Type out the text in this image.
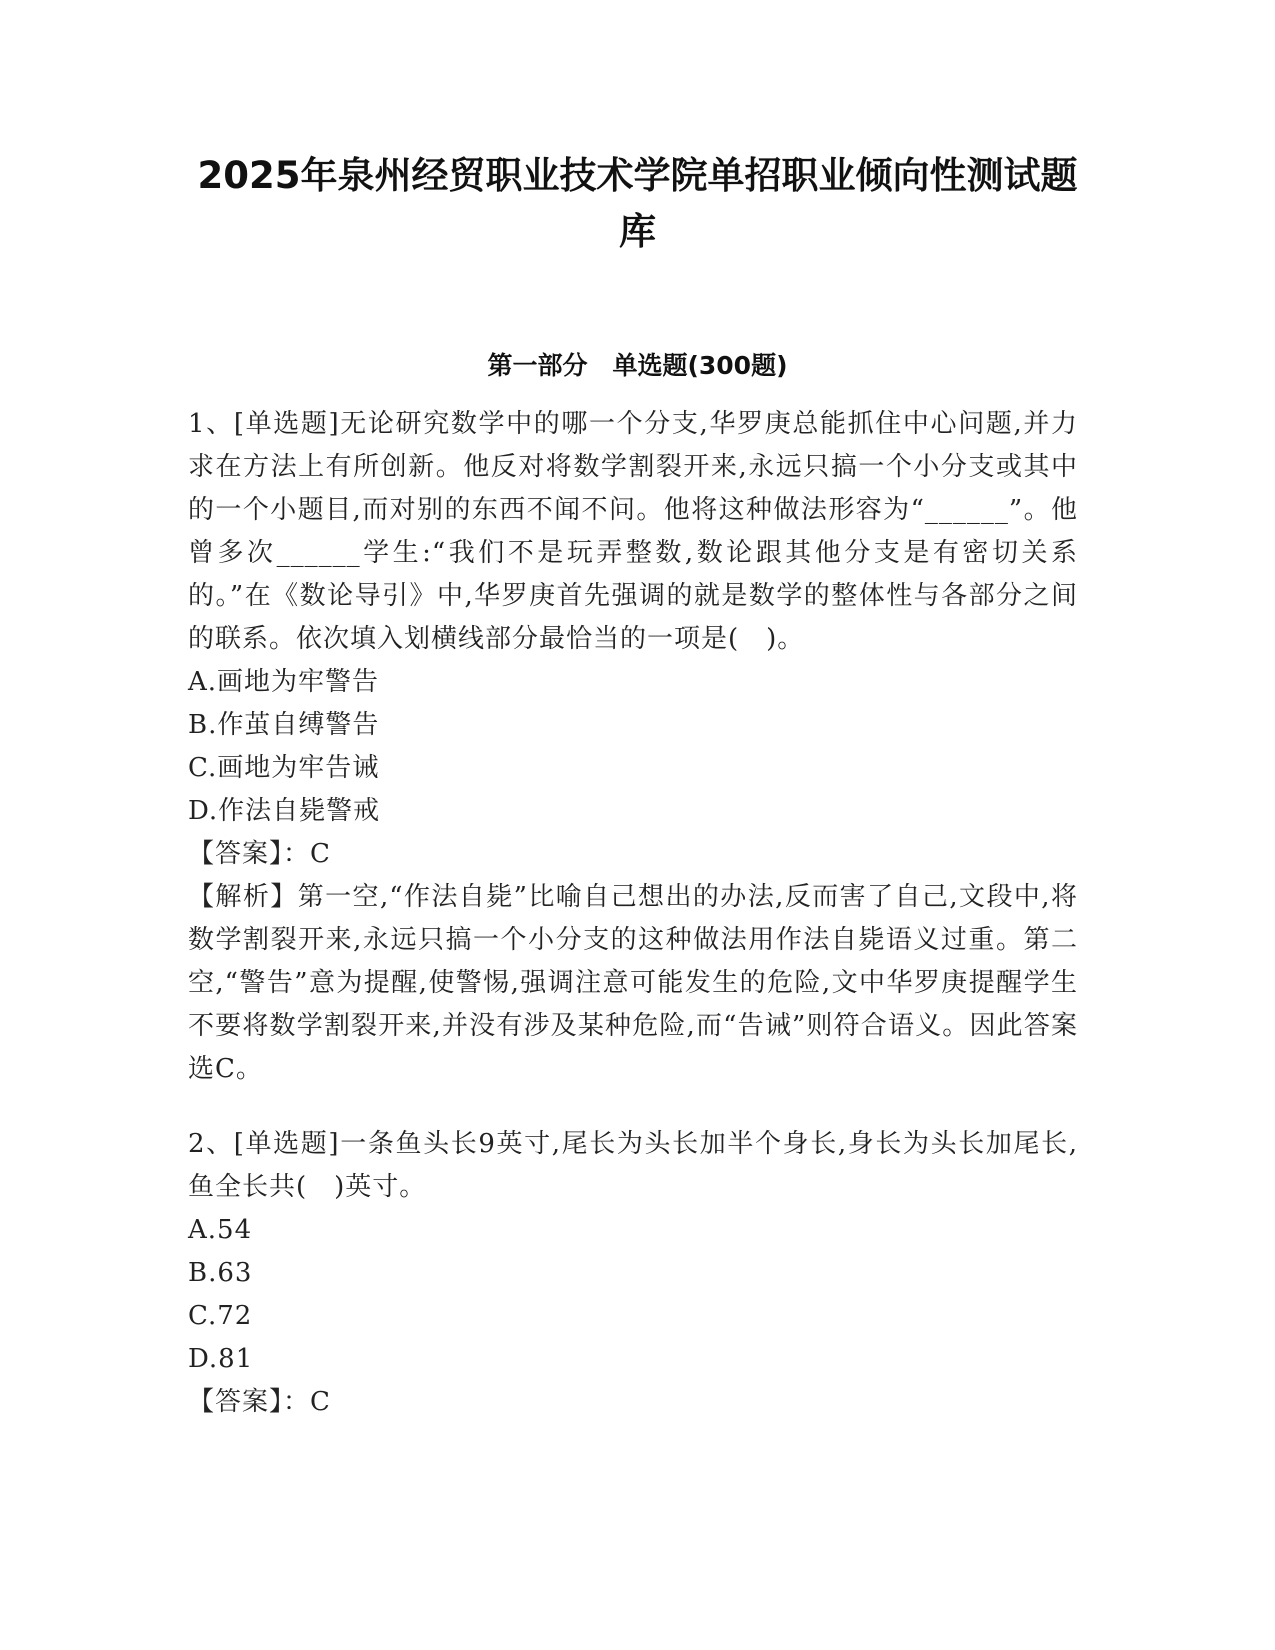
2025年泉州经贸职业技术学院单招职业倾向性测试题
库
第一部分　单选题(300题)

1、[单选题]无论研究数学中的哪一个分支,华罗庚总能抓住中心问题,并力求在方法上有所创新。他反对将数学割裂开来,永远只搞一个小分支或其中的一个小题目,而对别的东西不闻不问。他将这种做法形容为“______”。他曾多次______学生:“我们不是玩弄整数,数论跟其他分支是有密切关系的。”在《数论导引》中,华罗庚首先强调的就是数学的整体性与各部分之间的联系。依次填入划横线部分最恰当的一项是(　)。

A.画地为牢警告
B.作茧自缚警告
C.画地为牢告诫
D.作法自毙警戒

【答案】：C

【解析】第一空,“作法自毙”比喻自己想出的办法,反而害了自己,文段中,将数学割裂开来,永远只搞一个小分支的这种做法用作法自毙语义过重。第二空,“警告”意为提醒,使警惕,强调注意可能发生的危险,文中华罗庚提醒学生不要将数学割裂开来,并没有涉及某种危险,而“告诫”则符合语义。因此答案选C。

2、[单选题]一条鱼头长9英寸,尾长为头长加半个身长,身长为头长加尾长,鱼全长共(　)英寸。

A.54
B.63
C.72
D.81

【答案】：C
